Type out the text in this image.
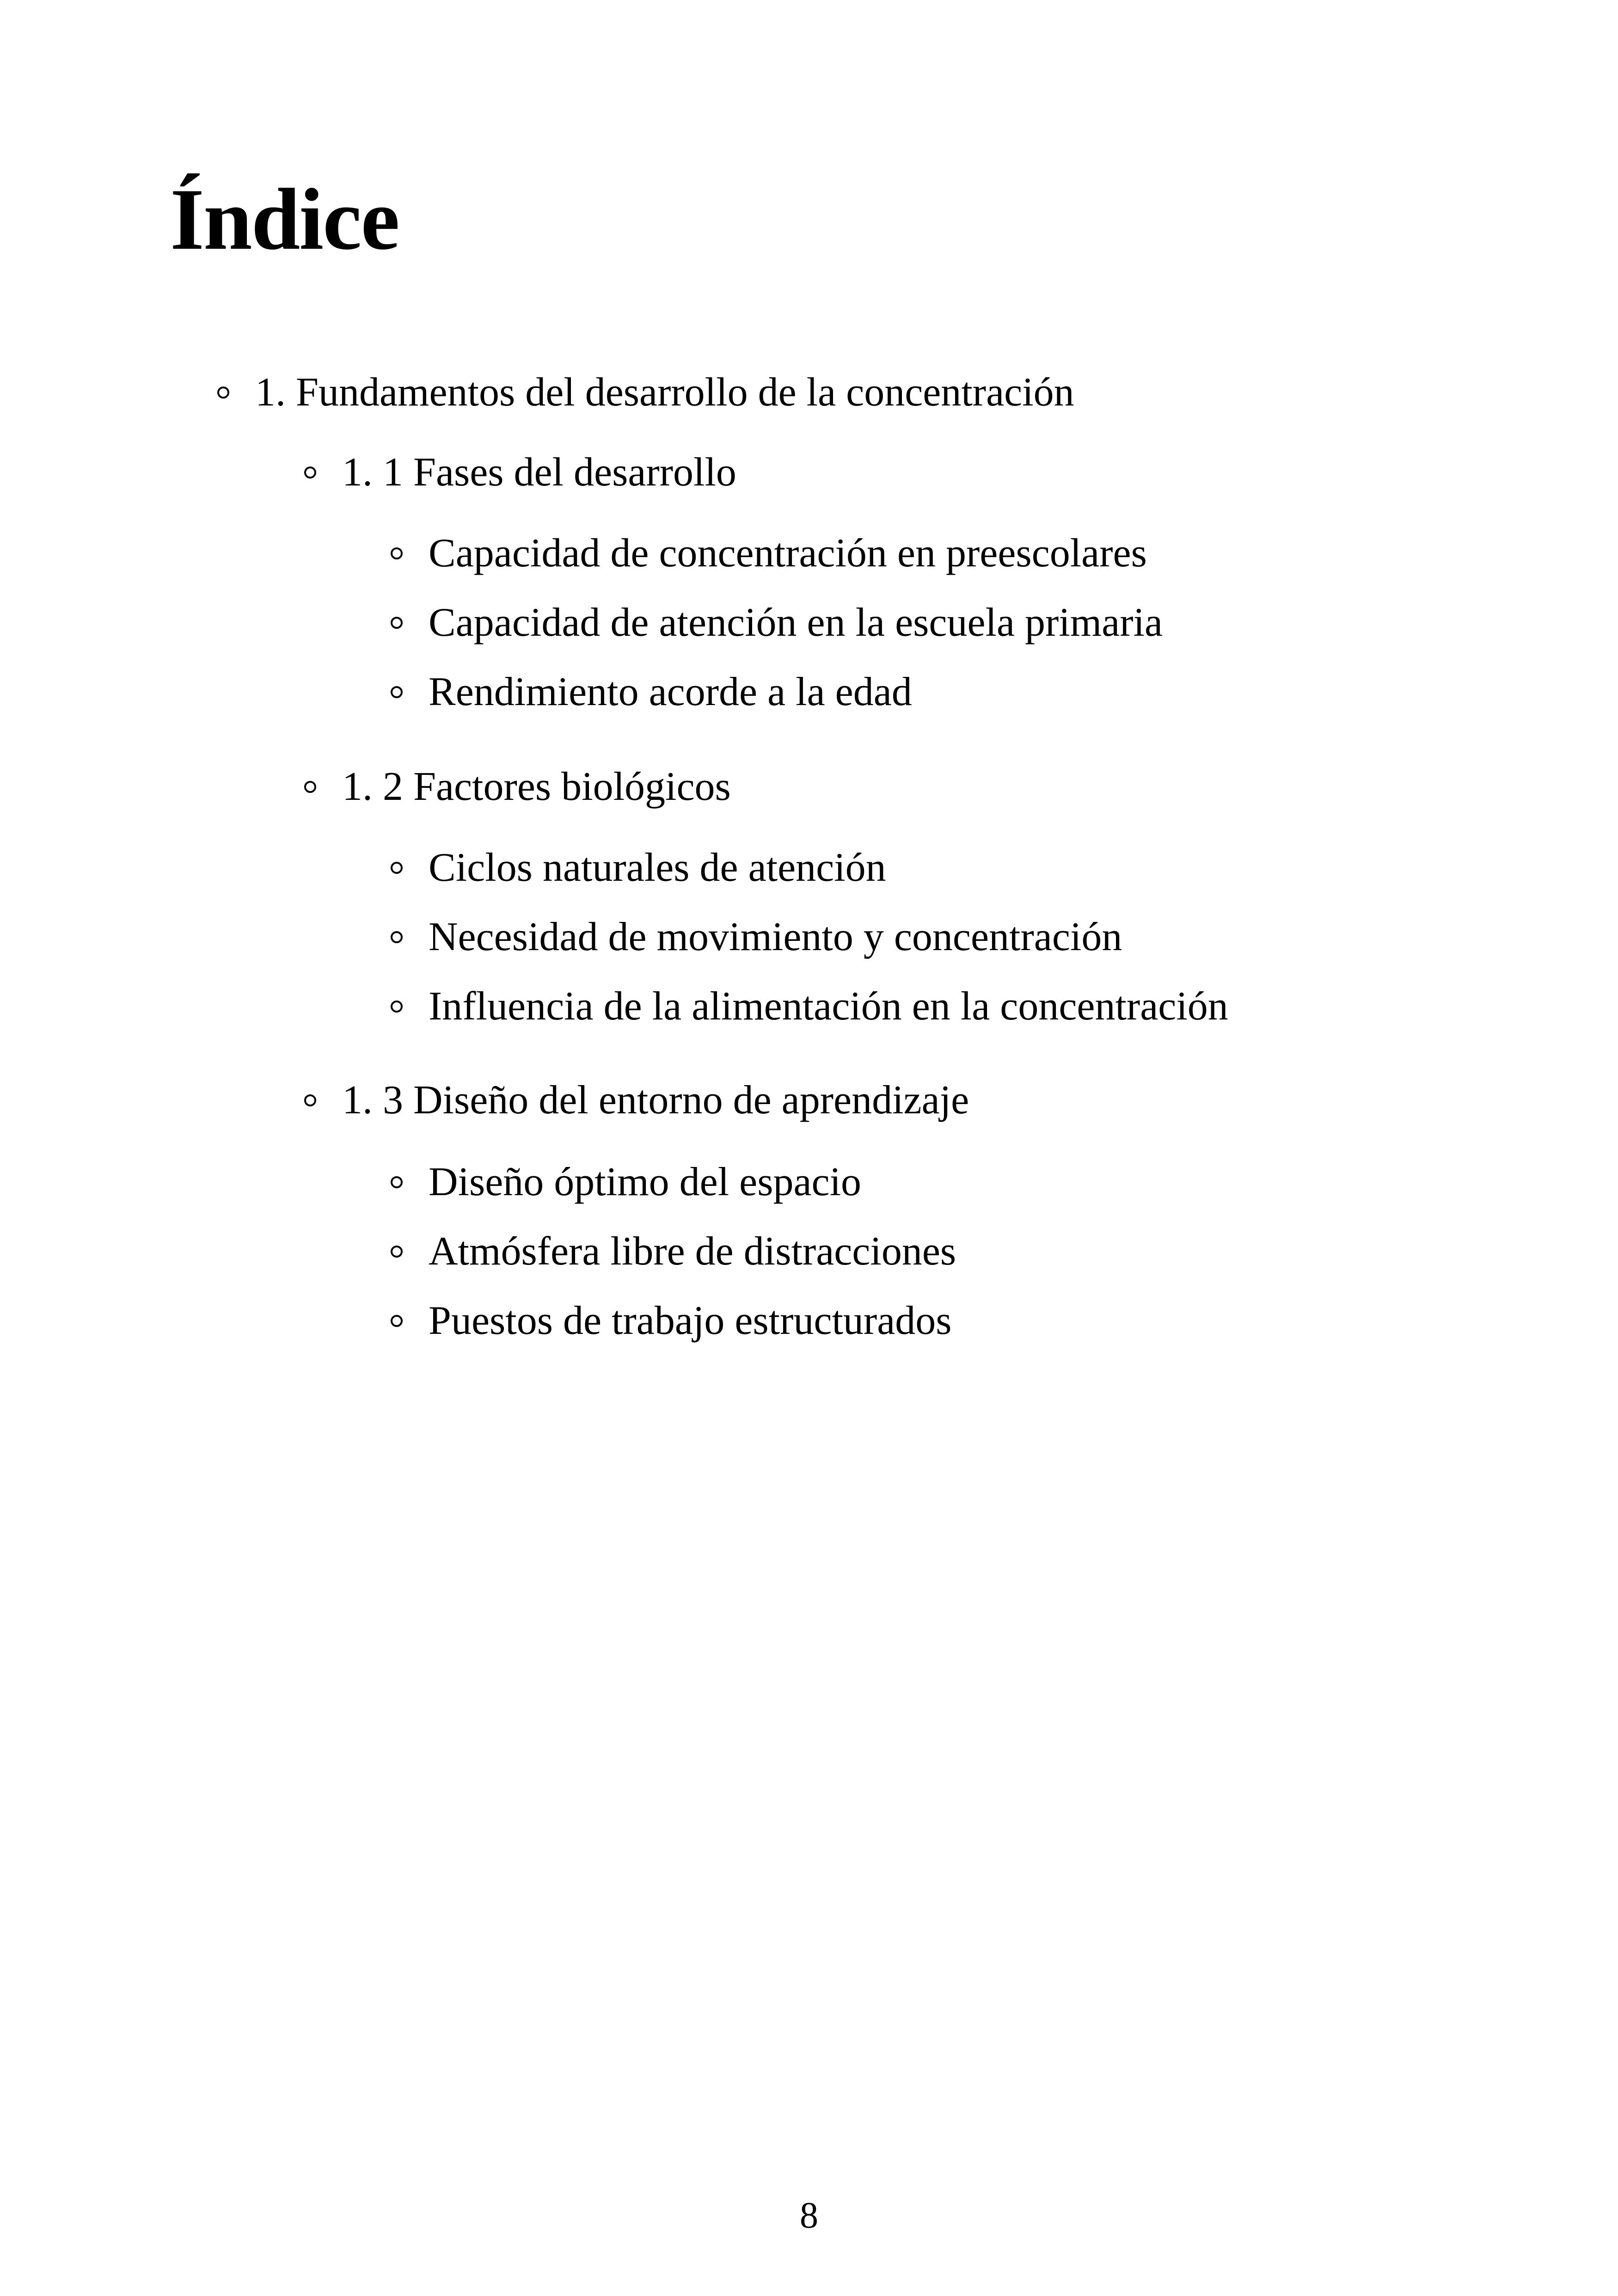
Índice
1. Fundamentos del desarrollo de la concentración
1. 1 Fases del desarrollo
Capacidad de concentración en preescolares
Capacidad de atención en la escuela primaria
Rendimiento acorde a la edad
1. 2 Factores biológicos
Ciclos naturales de atención
Necesidad de movimiento y concentración
Influencia de la alimentación en la concentración
1. 3 Diseño del entorno de aprendizaje
Diseño óptimo del espacio
Atmósfera libre de distracciones
Puestos de trabajo estructurados
8
